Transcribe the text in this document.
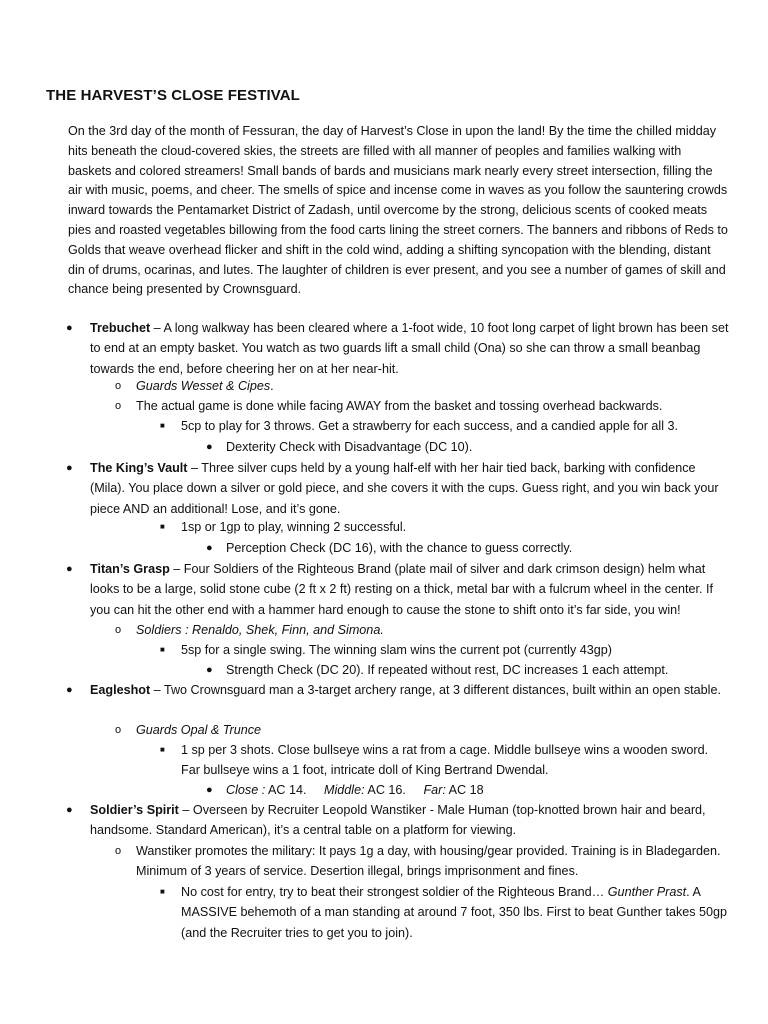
THE HARVEST’S CLOSE FESTIVAL

On the 3rd day of the month of Fessuran, the day of Harvest’s Close in upon the land! By the time the chilled midday hits beneath the cloud-covered skies, the streets are filled with all manner of peoples and families walking with baskets and colored streamers! Small bands of bards and musicians mark nearly every street intersection, filling the air with music, poems, and cheer. The smells of spice and incense come in waves as you follow the sauntering crowds inward towards the Pentamarket District of Zadash, until overcome by the strong, delicious scents of cooked meats pies and roasted vegetables billowing from the food carts lining the street corners. The banners and ribbons of Reds to Golds that weave overhead flicker and shift in the cold wind, adding a shifting syncopation with the blending, distant din of drums, ocarinas, and lutes. The laughter of children is ever present, and you see a number of games of skill and chance being presented by Crownsguard.

● Trebuchet – A long walkway has been cleared where a 1-foot wide, 10 foot long carpet of light brown has been set to end at an empty basket. You watch as two guards lift a small child (Ona) so she can throw a small beanbag towards the end, before cheering her on at her near-hit.
o Guards Wesset & Cipes.
o The actual game is done while facing AWAY from the basket and tossing overhead backwards.
■ 5cp to play for 3 throws. Get a strawberry for each success, and a candied apple for all 3.
● Dexterity Check with Disadvantage (DC 10).
● The King’s Vault – Three silver cups held by a young half-elf with her hair tied back, barking with confidence (Mila). You place down a silver or gold piece, and she covers it with the cups. Guess right, and you win back your piece AND an additional! Lose, and it’s gone.
■ 1sp or 1gp to play, winning 2 successful.
● Perception Check (DC 16), with the chance to guess correctly.
● Titan’s Grasp – Four Soldiers of the Righteous Brand (plate mail of silver and dark crimson design) helm what looks to be a large, solid stone cube (2 ft x 2 ft) resting on a thick, metal bar with a fulcrum wheel in the center. If you can hit the other end with a hammer hard enough to cause the stone to shift onto it’s far side, you win!
o Soldiers : Renaldo, Shek, Finn, and Simona.
■ 5sp for a single swing. The winning slam wins the current pot (currently 43gp)
● Strength Check (DC 20). If repeated without rest, DC increases 1 each attempt.
● Eagleshot – Two Crownsguard man a 3-target archery range, at 3 different distances, built within an open stable.
o Guards Opal & Trunce
■ 1 sp per 3 shots. Close bullseye wins a rat from a cage. Middle bullseye wins a wooden sword. Far bullseye wins a 1 foot, intricate doll of King Bertrand Dwendal.
● Close : AC 14. Middle: AC 16. Far: AC 18
● Soldier’s Spirit – Overseen by Recruiter Leopold Wanstiker - Male Human (top-knotted brown hair and beard, handsome. Standard American), it’s a central table on a platform for viewing.
o Wanstiker promotes the military: It pays 1g a day, with housing/gear provided. Training is in Bladegarden. Minimum of 3 years of service. Desertion illegal, brings imprisonment and fines.
■ No cost for entry, try to beat their strongest soldier of the Righteous Brand… Gunther Prast. A MASSIVE behemoth of a man standing at around 7 foot, 350 lbs. First to beat Gunther takes 50gp (and the Recruiter tries to get you to join).
